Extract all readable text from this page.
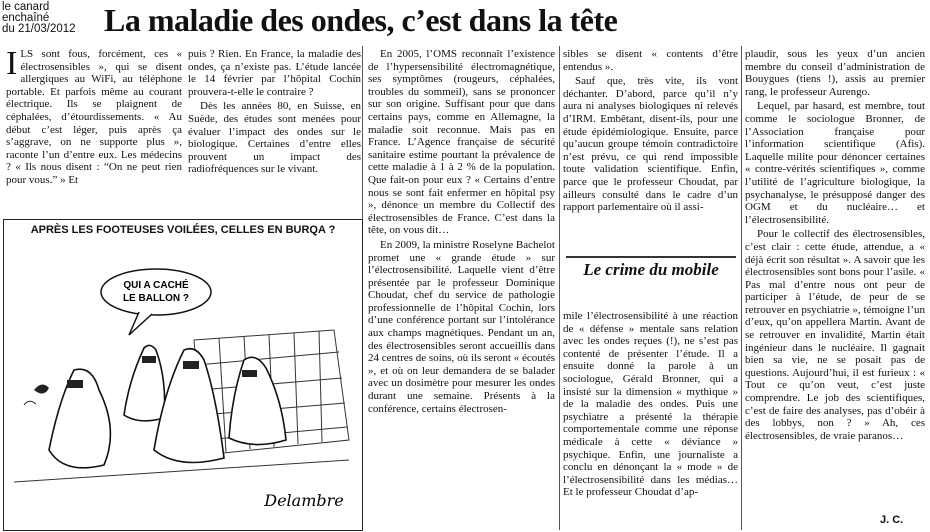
le canard
enchaîné
du 21/03/2012 La maladie des ondes, c’est dans la tête

I LS sont fous, forcément, ces « électrosensibles », qui se disent allergiques au WiFi, au téléphone portable. Et parfois même au courant électrique. Ils se plaignent de céphalées, d’étourdissements. « Au début c’est léger, puis après ça s’aggrave, on ne supporte plus », raconte l’un d’entre eux. Les médecins ? « Ils nous disent : “On ne peut rien pour vous.” » Et

puis ? Rien. En France, la maladie des ondes, ça n’existe pas. L’étude lancée le 14 février par l’hôpital Cochin prouvera-t-elle le contraire ?

Dès les années 80, en Suisse, en Suède, des études sont menées pour évaluer l’impact des ondes sur le biologique. Certaines d’entre elles prouvent un impact des radiofréquences sur le vivant.

En 2005, l’OMS reconnaît l’existence de l’hypersensibilité électromagnétique, ses symptômes (rougeurs, céphalées, troubles du sommeil), sans se prononcer sur son origine. Suffisant pour que dans certains pays, comme en Allemagne, la maladie soit reconnue. Mais pas en France. L’Agence française de sécurité sanitaire estime pourtant la prévalence de cette maladie à 1 à 2 % de la population. Que fait-on pour eux ? « Certains d’entre nous se sont fait enfermer en hôpital psy », dénonce un membre du Collectif des électrosensibles de France. C’est dans la tête, on vous dit…

En 2009, la ministre Roselyne Bachelot promet une « grande étude » sur l’électrosensibilité. Laquelle vient d’être présentée par le professeur Dominique Choudat, chef du service de pathologie professionnelle de l’hôpital Cochin, lors d’une conférence portant sur l’intolérance aux champs magnétiques. Pendant un an, des électrosensibles seront accueillis dans 24 centres de soins, où ils seront « écoutés », et où on leur demandera de se balader avec un dosimètre pour mesurer les ondes durant une semaine. Présents à la conférence, certains électrosen-

sibles se disent « contents d’être entendus ».

Sauf que, très vite, ils vont déchanter. D’abord, parce qu’il n’y aura ni analyses biologiques ni relevés d’IRM. Embêtant, disent-ils, pour une étude épidémiologique. Ensuite, parce qu’aucun groupe témoin contradictoire n’est prévu, ce qui rend impossible toute validation scientifique. Enfin, parce que le professeur Choudat, par ailleurs consulté dans le cadre d’un rapport parlementaire où il assi-

Le crime du mobile

mile l’électrosensibilité à une réaction de « défense » mentale sans relation avec les ondes reçues (!), ne s’est pas contenté de présenter l’étude. Il a ensuite donné la parole à un sociologue, Gérald Bronner, qui a insisté sur la dimension « mythique » de la maladie des ondes. Puis une psychiatre a présenté la thérapie comportementale comme une réponse médicale à cette « déviance » psychique. Enfin, une journaliste a conclu en dénonçant la « mode » de l’électrosensibilité dans les médias… Et le professeur Choudat d’ap-

plaudir, sous les yeux d’un ancien membre du conseil d’administration de Bouygues (tiens !), assis au premier rang, le professeur Aurengo.

Lequel, par hasard, est membre, tout comme le sociologue Bronner, de l’Association française pour l’information scientifique (Afis). Laquelle milite pour dénoncer certaines « contre-vérités scientifiques », comme l’utilité de l’agriculture biologique, la psychanalyse, le présupposé danger des OGM et du nucléaire… et l’électrosensibilité.

Pour le collectif des électrosensibles, c’est clair : cette étude, attendue, a « déjà écrit son résultat ». A savoir que les électrosensibles sont bons pour l’asile. « Pas mal d’entre nous ont peur de participer à l’étude, de peur de se retrouver en psychiatrie », témoigne l’un d’eux, qu’on appellera Martin. Avant de se retrouver en invalidité, Martin était ingénieur dans le nucléaire. Il gagnait bien sa vie, ne se posait pas de questions. Aujourd’hui, il est furieux : « Tout ce qu’on veut, c’est juste comprendre. Le job des scientifiques, c’est de faire des analyses, pas d’obéir à des lobbys, non ? » Ah, ces électrosensibles, de vraie paranos…

APRÈS LES FOOTEUSES VOILÉES, CELLES EN BURQA ?
QUI A CACHÉ
LE BALLON ?
Delambre
J. C.
